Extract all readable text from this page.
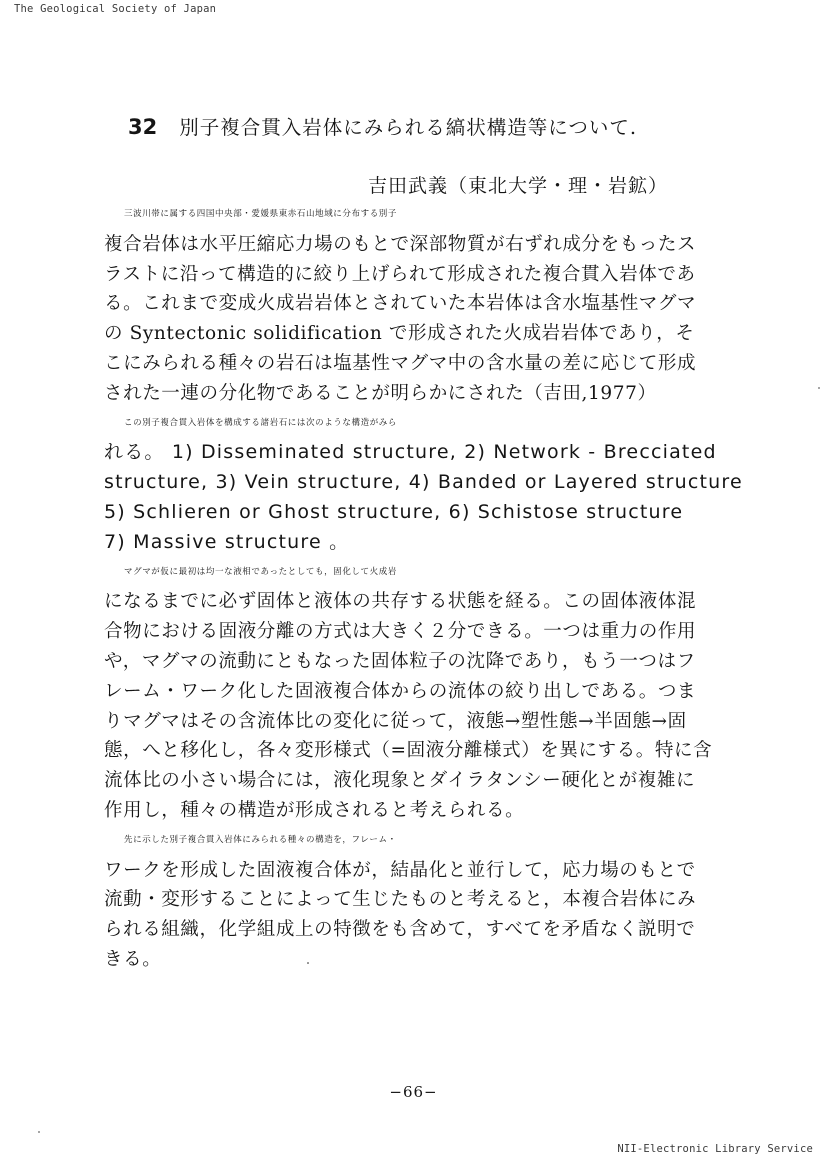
The Geological Society of Japan
32 別子複合貫入岩体にみられる縞状構造等について.
吉田武義（東北大学・理・岩鉱）
三波川帯に属する四国中央部・愛媛県東赤石山地域に分布する別子
複合岩体は水平圧縮応力場のもとで深部物質が右ずれ成分をもったス
ラストに沿って構造的に絞り上げられて形成された複合貫入岩体であ
る。これまで変成火成岩岩体とされていた本岩体は含水塩基性マグマ
の Syntectonic solidification で形成された火成岩岩体であり，そ
こにみられる種々の岩石は塩基性マグマ中の含水量の差に応じて形成
された一連の分化物であることが明らかにされた（吉田,1977）
この別子複合貫入岩体を構成する諸岩石には次のような構造がみら
れる。 1) Disseminated structure, 2) Network - Brecciated
structure, 3) Vein structure, 4) Banded or Layered structure
5) Schlieren or Ghost structure, 6) Schistose structure
7) Massive structure 。
マグマが仮に最初は均一な液相であったとしても，固化して火成岩
になるまでに必ず固体と液体の共存する状態を経る。この固体液体混
合物における固液分離の方式は大きく２分できる。一つは重力の作用
や，マグマの流動にともなった固体粒子の沈降であり，もう一つはフ
レーム・ワーク化した固液複合体からの流体の絞り出しである。つま
りマグマはその含流体比の変化に従って，液態→塑性態→半固態→固
態，へと移化し，各々変形様式（=固液分離様式）を異にする。特に含
流体比の小さい場合には，液化現象とダイラタンシー硬化とが複雑に
作用し，種々の構造が形成されると考えられる。
先に示した別子複合貫入岩体にみられる種々の構造を，フレーム・
ワークを形成した固液複合体が，結晶化と並行して，応力場のもとで
流動・変形することによって生じたものと考えると，本複合岩体にみ
られる組織，化学組成上の特徴をも含めて，すべてを矛盾なく説明で
きる。
−66−
NII-Electronic Library Service
